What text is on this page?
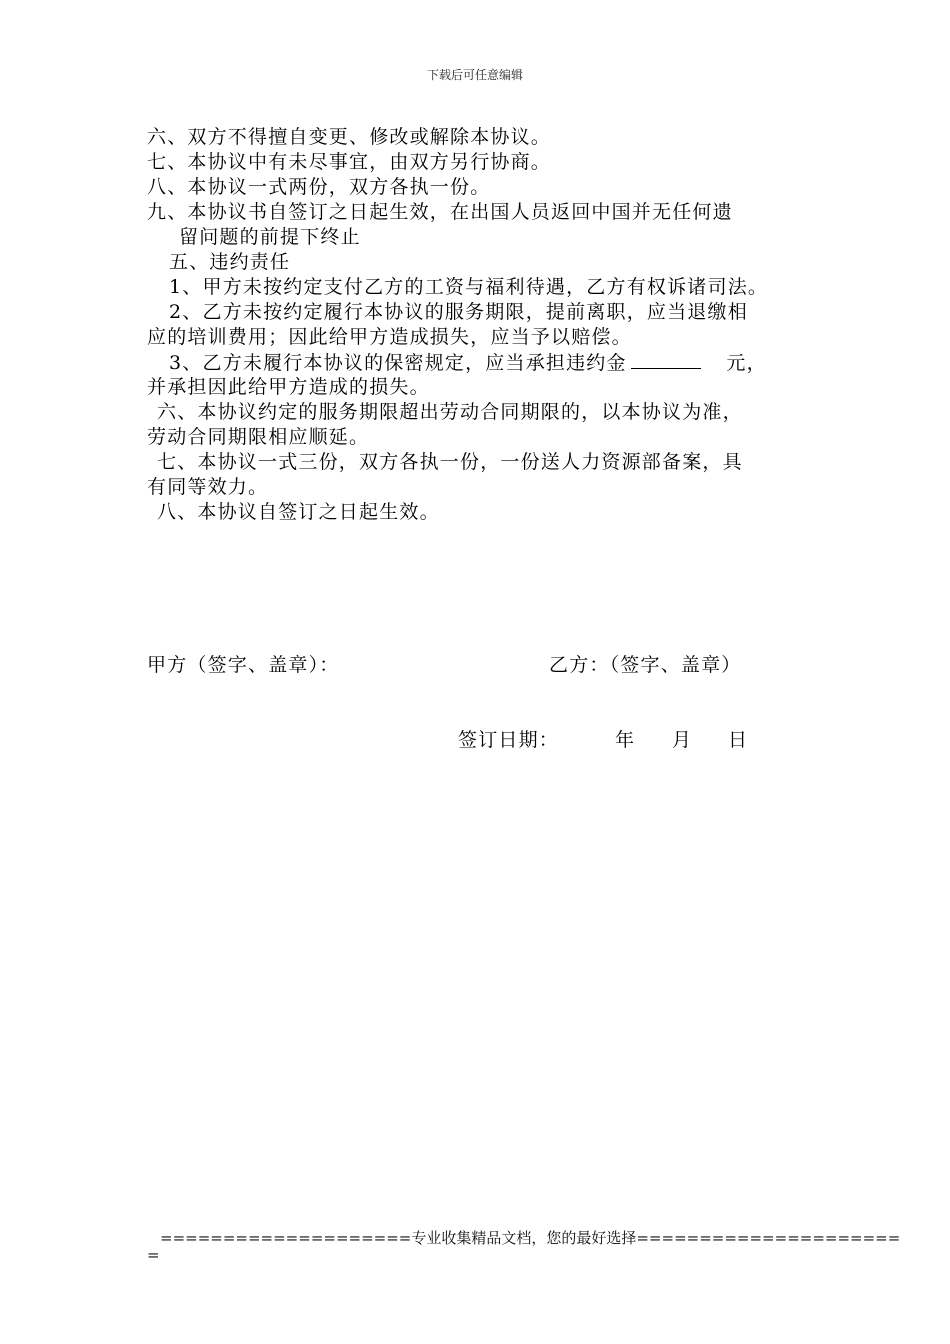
下载后可任意编辑
六、双方不得擅自变更、修改或解除本协议。
七、本协议中有未尽事宜，由双方另行协商。
八、本协议一式两份，双方各执一份。
九、本协议书自签订之日起生效，在出国人员返回中国并无任何遗
留问题的前提下终止
五、违约责任
1、甲方未按约定支付乙方的工资与福利待遇，乙方有权诉诸司法。
2、乙方未按约定履行本协议的服务期限，提前离职，应当退缴相
应的培训费用；因此给甲方造成损失，应当予以赔偿。
3、乙方未履行本协议的保密规定，应当承担违约金	元，
并承担因此给甲方造成的损失。
六、本协议约定的服务期限超出劳动合同期限的，以本协议为准，
劳动合同期限相应顺延。
七、本协议一式三份，双方各执一份，一份送人力资源部备案，具
有同等效力。
八、本协议自签订之日起生效。
甲方（签字、盖章）：	乙方：（签字、盖章）
签订日期：	年 月 日
====================专业收集精品文档，您的最好选择=====================
=
